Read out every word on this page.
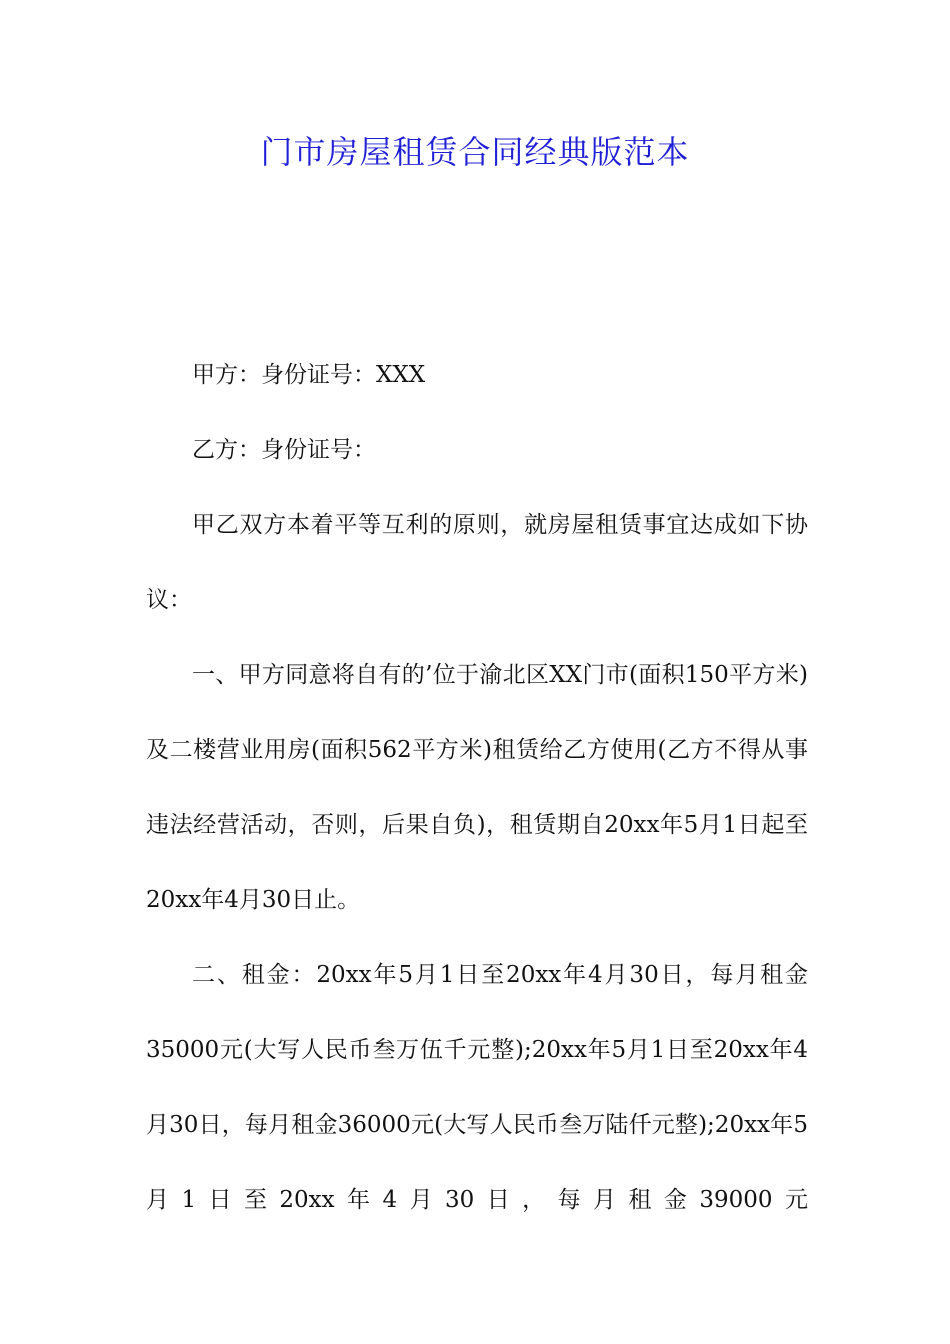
门市房屋租赁合同经典版范本

甲方：身份证号：XXX

乙方：身份证号：

甲乙双方本着平等互利的原则，就房屋租赁事宜达成如下协议：

一、甲方同意将自有的’位于渝北区XX门市(面积150平方米)及二楼营业用房(面积562平方米)租赁给乙方使用(乙方不得从事违法经营活动，否则，后果自负)，租赁期自20xx年5月1日起至20xx年4月30日止。

二、租金：20xx年5月1日至20xx年4月30日，每月租金35000元(大写人民币叁万伍千元整);20xx年5月1日至20xx年4月30日，每月租金36000元(大写人民币叁万陆仟元整);20xx年5月1日至20xx年4月30日，每月租金39000元
